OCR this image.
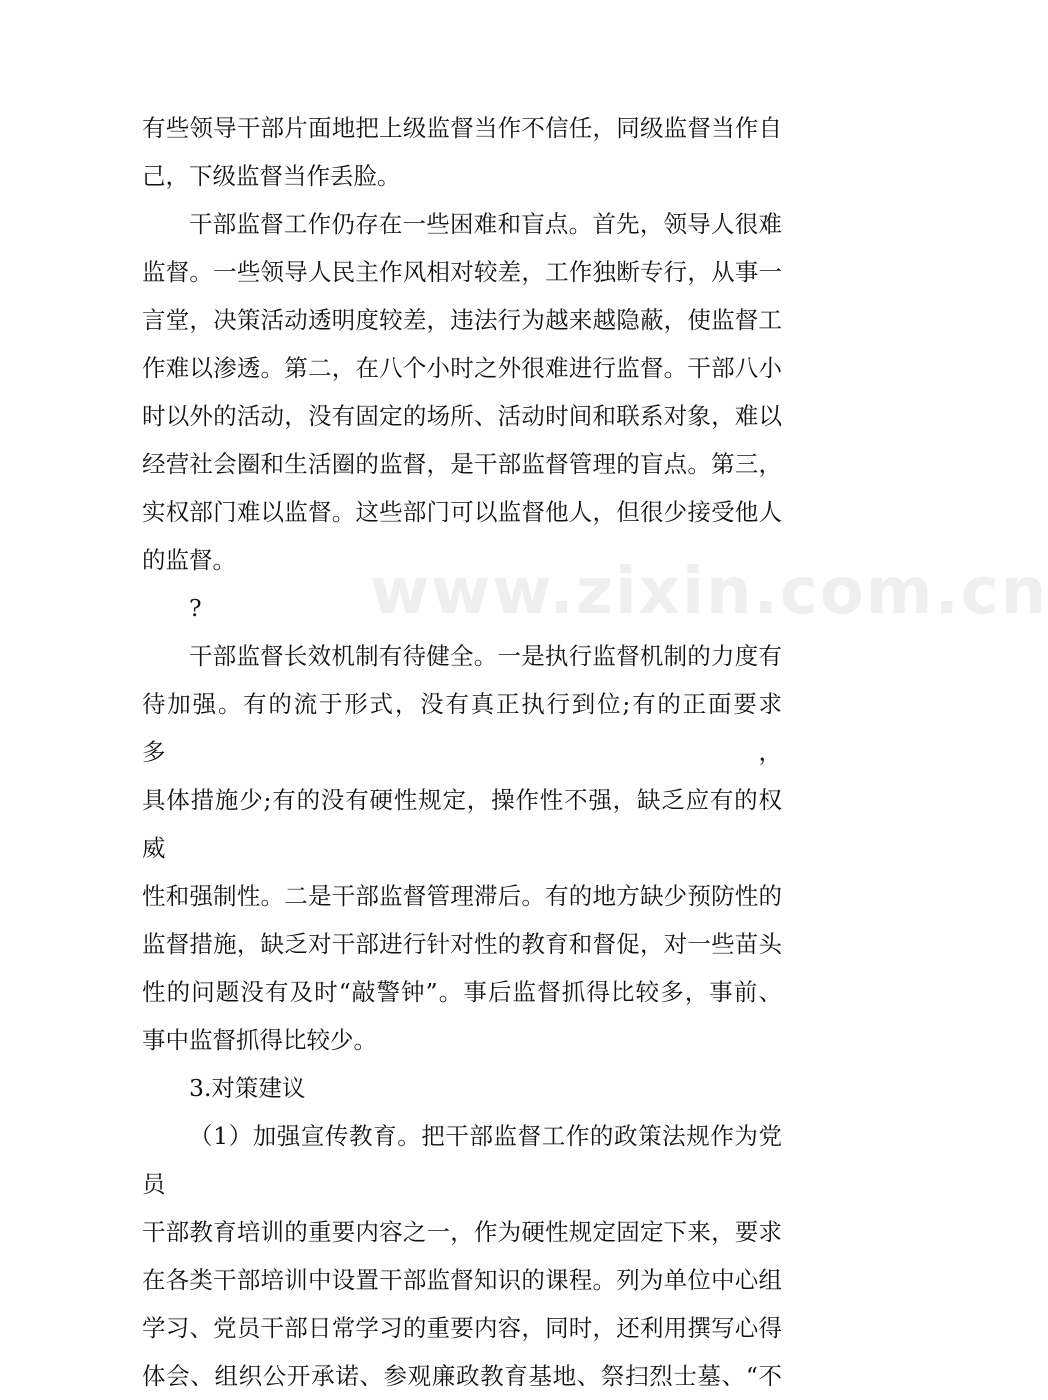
有些领导干部片面地把上级监督当作不信任，同级监督当作自

己，下级监督当作丢脸。

干部监督工作仍存在一些困难和盲点。首先，领导人很难

监督。一些领导人民主作风相对较差，工作独断专行，从事一

言堂，决策活动透明度较差，违法行为越来越隐蔽，使监督工

作难以渗透。第二，在八个小时之外很难进行监督。干部八小

时以外的活动，没有固定的场所、活动时间和联系对象，难以

经营社会圈和生活圈的监督，是干部监督管理的盲点。第三，

实权部门难以监督。这些部门可以监督他人，但很少接受他人

的监督。

?

干部监督长效机制有待健全。一是执行监督机制的力度有

待加强。有的流于形式，没有真正执行到位;有的正面要求多，

具体措施少;有的没有硬性规定，操作性不强，缺乏应有的权威

性和强制性。二是干部监督管理滞后。有的地方缺少预防性的

监督措施，缺乏对干部进行针对性的教育和督促，对一些苗头

性的问题没有及时“敲警钟”。事后监督抓得比较多，事前、

事中监督抓得比较少。

3.对策建议

（1）加强宣传教育。把干部监督工作的政策法规作为党员

干部教育培训的重要内容之一，作为硬性规定固定下来，要求

在各类干部培训中设置干部监督知识的课程。列为单位中心组

学习、党员干部日常学习的重要内容，同时，还利用撰写心得

体会、组织公开承诺、参观廉政教育基地、祭扫烈士墓、“不

www.zixin.com.cn
